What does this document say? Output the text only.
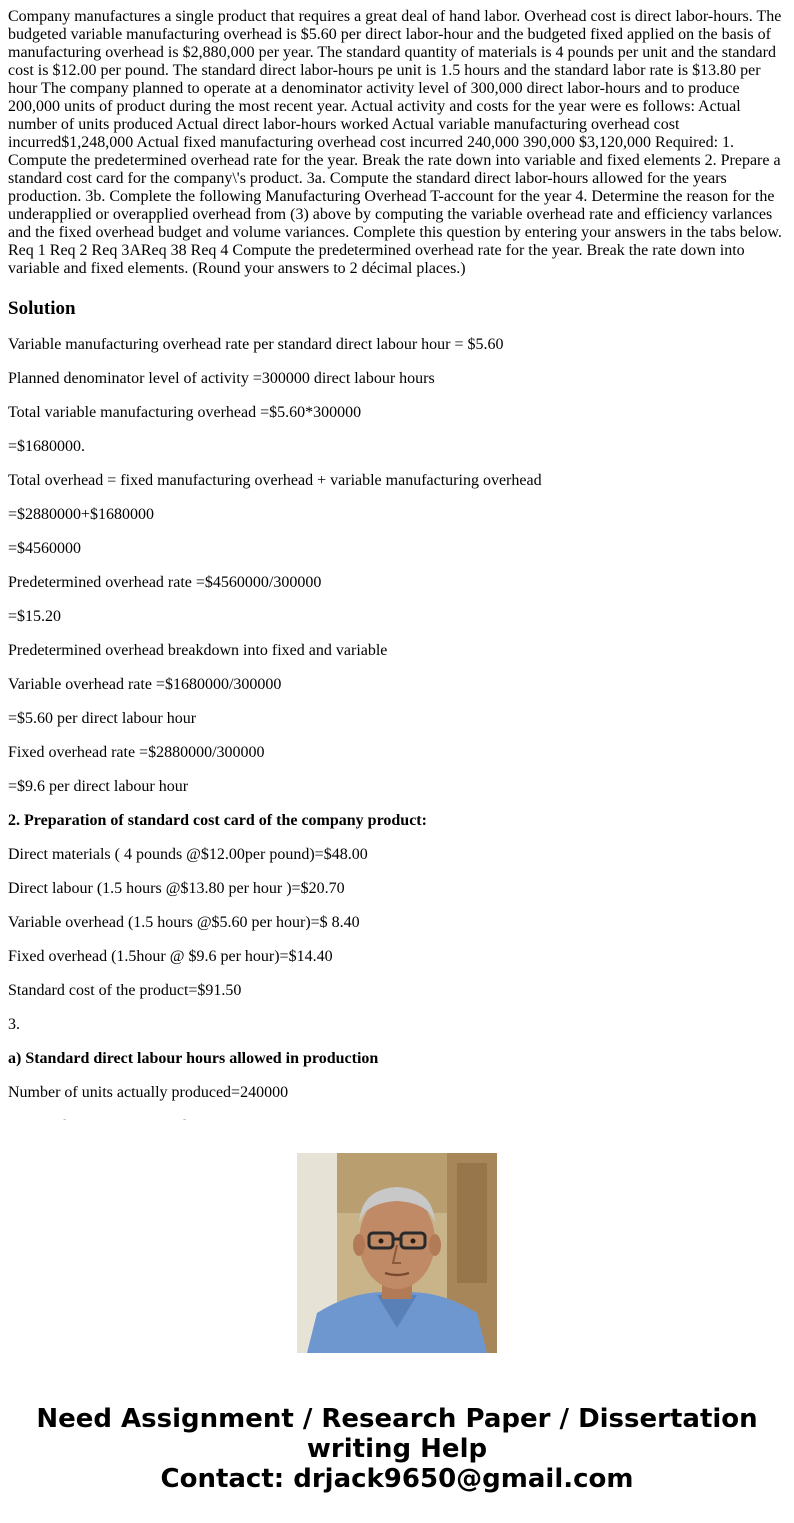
Company manufactures a single product that requires a great deal of hand labor. Overhead cost is direct labor-hours. The budgeted variable manufacturing overhead is $5.60 per direct labor-hour and the budgeted fixed applied on the basis of manufacturing overhead is $2,880,000 per year. The standard quantity of materials is 4 pounds per unit and the standard cost is $12.00 per pound. The standard direct labor-hours pe unit is 1.5 hours and the standard labor rate is $13.80 per hour The company planned to operate at a denominator activity level of 300,000 direct labor-hours and to produce 200,000 units of product during the most recent year. Actual activity and costs for the year were es follows: Actual number of units produced Actual direct labor-hours worked Actual variable manufacturing overhead cost incurred$1,248,000 Actual fixed manufacturing overhead cost incurred 240,000 390,000 $3,120,000 Required: 1. Compute the predetermined overhead rate for the year. Break the rate down into variable and fixed elements 2. Prepare a standard cost card for the company\'s product. 3a. Compute the standard direct labor-hours allowed for the years production. 3b. Complete the following Manufacturing Overhead T-account for the year 4. Determine the reason for the underapplied or overapplied overhead from (3) above by computing the variable overhead rate and efficiency varlances and the fixed overhead budget and volume variances. Complete this question by entering your answers in the tabs below. Req 1 Req 2 Req 3AReq 38 Req 4 Compute the predetermined overhead rate for the year. Break the rate down into variable and fixed elements. (Round your answers to 2 décimal places.)

Solution
Variable manufacturing overhead rate per standard direct labour hour = $5.60
Planned denominator level of activity =300000 direct labour hours
Total variable manufacturing overhead =$5.60*300000
=$1680000.
Total overhead = fixed manufacturing overhead + variable manufacturing overhead
=$2880000+$1680000
=$4560000
Predetermined overhead rate =$4560000/300000
=$15.20
Predetermined overhead breakdown into fixed and variable
Variable overhead rate =$1680000/300000
=$5.60 per direct labour hour
Fixed overhead rate =$2880000/300000
=$9.6 per direct labour hour
2. Preparation of standard cost card of the company product:
Direct materials ( 4 pounds @$12.00per pound)=$48.00
Direct labour (1.5 hours @$13.80 per hour )=$20.70
Variable overhead (1.5 hours @$5.60 per hour)=$ 8.40
Fixed overhead (1.5hour @ $9.6 per hour)=$14.40
Standard cost of the product=$91.50
3.
a) Standard direct labour hours allowed in production
Number of units actually produced=240000
Need Assignment / Research Paper / Dissertation
writing Help
Contact: drjack9650@gmail.com
